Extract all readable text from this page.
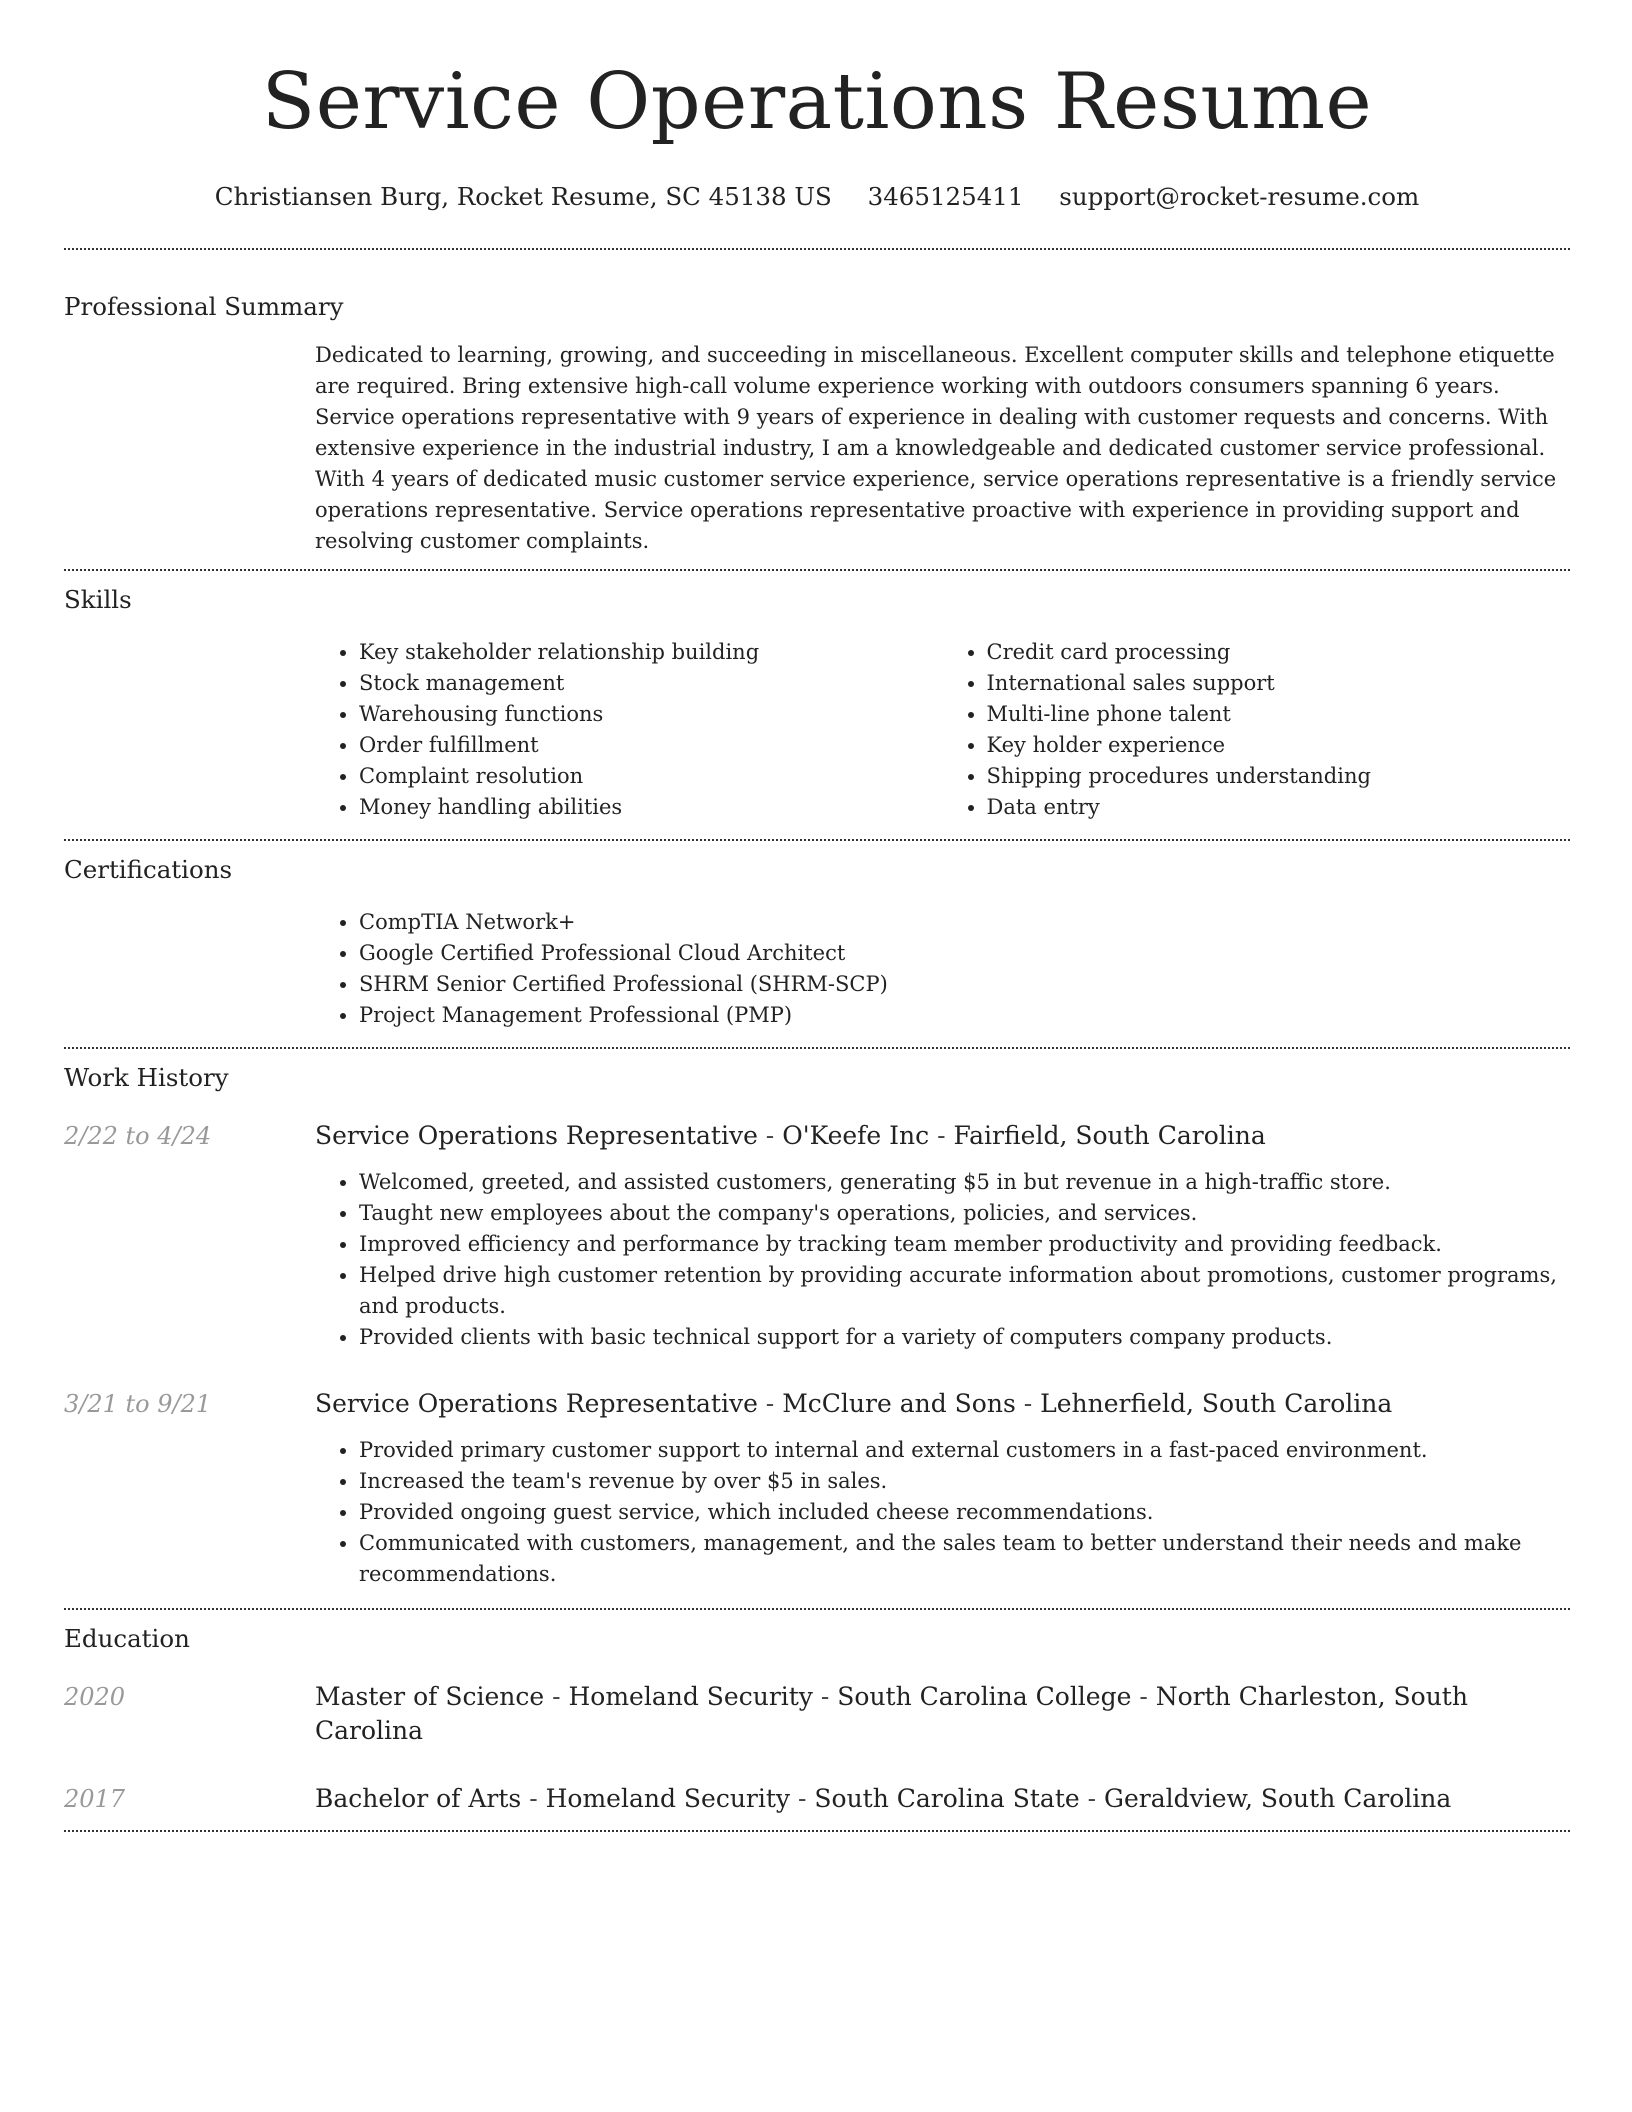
Service Operations Resume
Christiansen Burg, Rocket Resume, SC 45138 US 3465125411 support@rocket-resume.com
Professional Summary
Dedicated to learning, growing, and succeeding in miscellaneous. Excellent computer skills and telephone etiquette are required. Bring extensive high-call volume experience working with outdoors consumers spanning 6 years. Service operations representative with 9 years of experience in dealing with customer requests and concerns. With extensive experience in the industrial industry, I am a knowledgeable and dedicated customer service professional. With 4 years of dedicated music customer service experience, service operations representative is a friendly service operations representative. Service operations representative proactive with experience in providing support and resolving customer complaints.
Skills
• Key stakeholder relationship building
• Stock management
• Warehousing functions
• Order fulfillment
• Complaint resolution
• Money handling abilities
• Credit card processing
• International sales support
• Multi-line phone talent
• Key holder experience
• Shipping procedures understanding
• Data entry
Certifications
• CompTIA Network+
• Google Certified Professional Cloud Architect
• SHRM Senior Certified Professional (SHRM-SCP)
• Project Management Professional (PMP)
Work History
2/22 to 4/24	Service Operations Representative - O'Keefe Inc - Fairfield, South Carolina
• Welcomed, greeted, and assisted customers, generating $5 in but revenue in a high-traffic store.
• Taught new employees about the company's operations, policies, and services.
• Improved efficiency and performance by tracking team member productivity and providing feedback.
• Helped drive high customer retention by providing accurate information about promotions, customer programs, and products.
• Provided clients with basic technical support for a variety of computers company products.
3/21 to 9/21	Service Operations Representative - McClure and Sons - Lehnerfield, South Carolina
• Provided primary customer support to internal and external customers in a fast-paced environment.
• Increased the team's revenue by over $5 in sales.
• Provided ongoing guest service, which included cheese recommendations.
• Communicated with customers, management, and the sales team to better understand their needs and make recommendations.
Education
2020	Master of Science - Homeland Security - South Carolina College - North Charleston, South Carolina
2017	Bachelor of Arts - Homeland Security - South Carolina State - Geraldview, South Carolina
